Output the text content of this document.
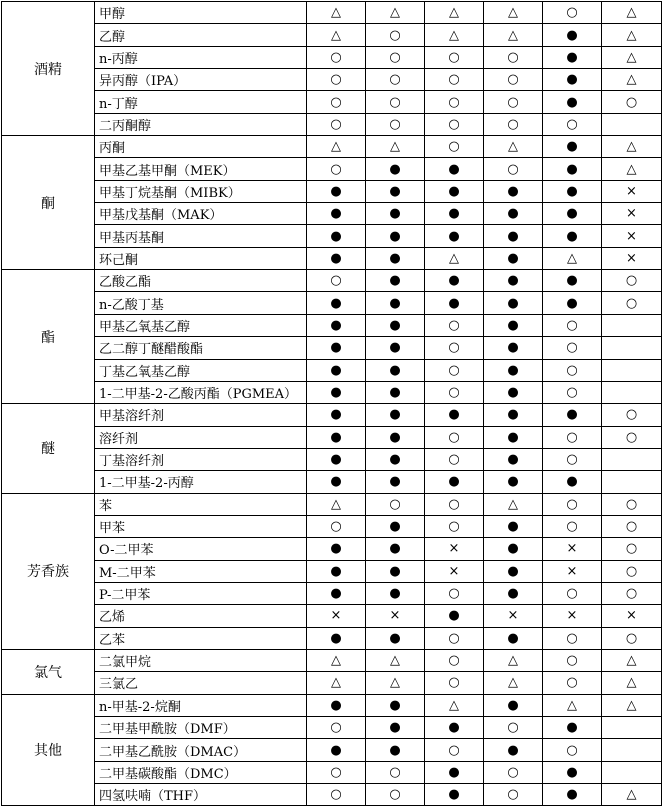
酒精	甲醇	△	△	△	△	○	△
	乙醇	△	○	△	△	●	△
	n-丙醇	○	○	○	○	●	△
	异丙醇（IPA）	○	○	○	○	●	△
	n-丁醇	○	○	○	○	●	○
	二丙酮醇	○	○	○	○	○	
酮	丙酮	△	△	○	△	●	△
	甲基乙基甲酮（MEK）	○	●	●	○	●	△
	甲基丁烷基酮（MIBK）	●	●	●	●	●	×
	甲基戊基酮（MAK）	●	●	●	●	●	×
	甲基丙基酮	●	●	●	●	●	×
	环己酮	●	●	△	●	△	×
酯	乙酸乙酯	○	●	●	●	●	○
	n-乙酸丁基	●	●	●	●	●	○
	甲基乙氧基乙醇	●	●	○	●	○	
	乙二醇丁醚醋酸酯	●	●	○	●	○	
	丁基乙氧基乙醇	●	●	○	●	○	
	1-二甲基-2-乙酸丙酯（PGMEA）	●	●	○	●	○	
醚	甲基溶纤剂	●	●	●	●	●	○
	溶纤剂	●	●	○	●	○	○
	丁基溶纤剂	●	●	○	●	○	
	1-二甲基-2-丙醇	●	●	●	●	●	
芳香族	苯	△	○	○	△	○	○
	甲苯	○	●	○	●	○	○
	O-二甲苯	●	●	×	●	×	○
	M-二甲苯	●	●	×	●	×	○
	P-二甲苯	●	●	○	●	○	○
	乙烯	×	×	●	×	×	×
	乙苯	●	●	○	●	○	○
氯气	二氯甲烷	△	△	○	△	○	△
	三氯乙	△	△	○	△	○	△
其他	n-甲基-2-烷酮	●	●	△	●	△	△
	二甲基甲酰胺（DMF）	○	●	●	○	●	
	二甲基乙酰胺（DMAC）	●	●	○	●	○	
	二甲基碳酸酯（DMC）	○	○	●	○	●	
	四氢呋喃（THF）	○	○	●	○	●	△
